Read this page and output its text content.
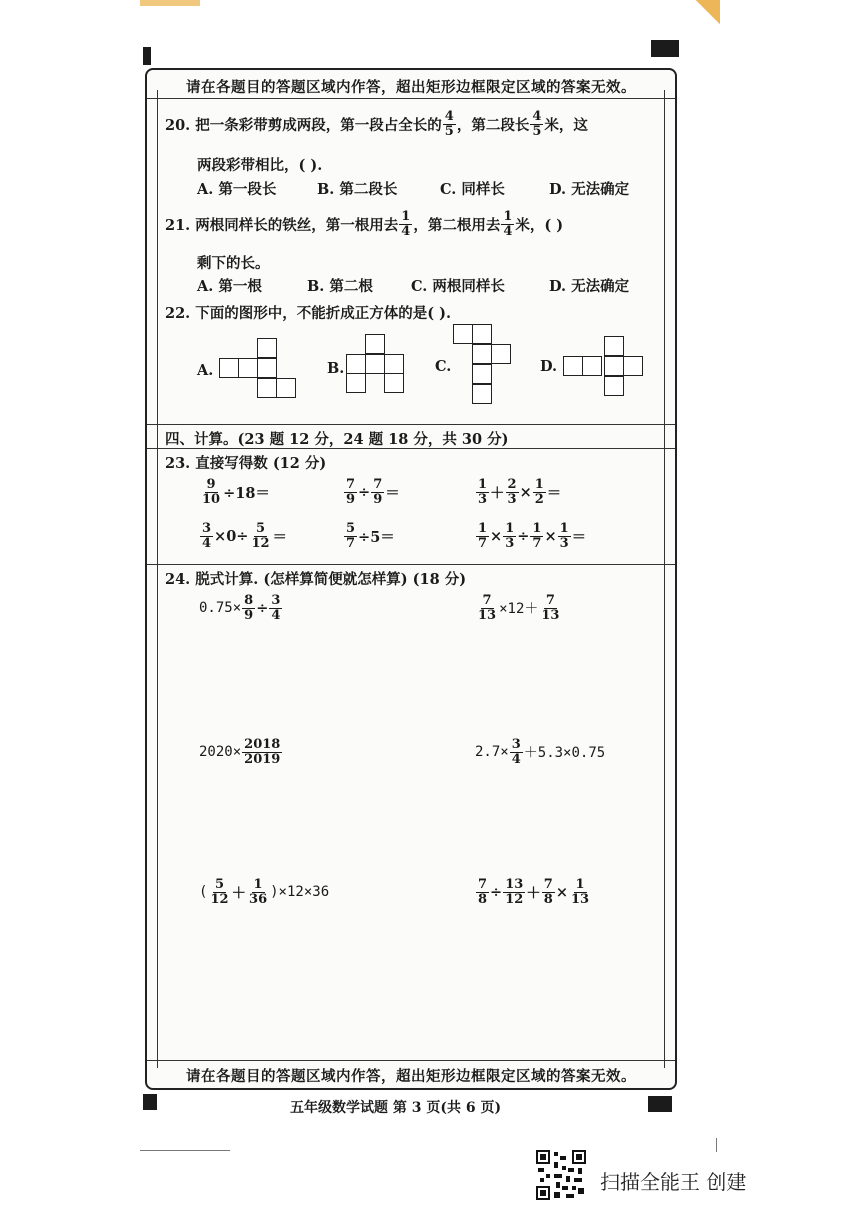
请在各题目的答题区域内作答，超出矩形边框限定区域的答案无效。
20. 把一条彩带剪成两段，第一段占全长的 $\frac{4}{5}$ ，第二段长 $\frac{4}{5}$ 米，这
两段彩带相比，( ).
A. 第一段长	B. 第二段长	C. 同样长	D. 无法确定
21. 两根同样长的铁丝，第一根用去 $\frac{1}{4}$ ，第二根用去 $\frac{1}{4}$ 米，( )
剩下的长。
A. 第一根	B. 第二根	C. 两根同样长	D. 无法确定
22. 下面的图形中，不能折成正方体的是( ).
A.	B.	C.	D.
四、计算。(23 题 12 分，24 题 18 分，共 30 分)
23. 直接写得数 (12 分)
$\frac{9}{10} \div 18=$	$\frac{7}{9} \div \frac{7}{9}$ ＝	$\frac{1}{3} + \frac{2}{3} \times \frac{1}{2}$ ＝
$\frac{3}{4} \times 0\div \frac{5}{12}$ ＝	$\frac{5}{7} \div 5=$	$\frac{1}{7} \times \frac{1}{3} \div \frac{1}{7} \times \frac{1}{3}$ ＝
24. 脱式计算. (怎样算简便就怎样算) (18 分)
$0.75\times \frac{8}{9} \div \frac{3}{4}$	$\frac{7}{13} \times 12+ \frac{7}{13}$
$2020\times \frac{2018}{2019}$	$2.7\times \frac{3}{4} +5.3\times 0.75$
( $\frac{5}{12} + \frac{1}{36} )\times 12\times 36$	$\frac{7}{8} \div \frac{13}{12} + \frac{7}{8} \times \frac{1}{13}$
请在各题目的答题区域内作答，超出矩形边框限定区域的答案无效。
五年级数学试题 第 3 页(共 6 页)
扫描全能王 创建
